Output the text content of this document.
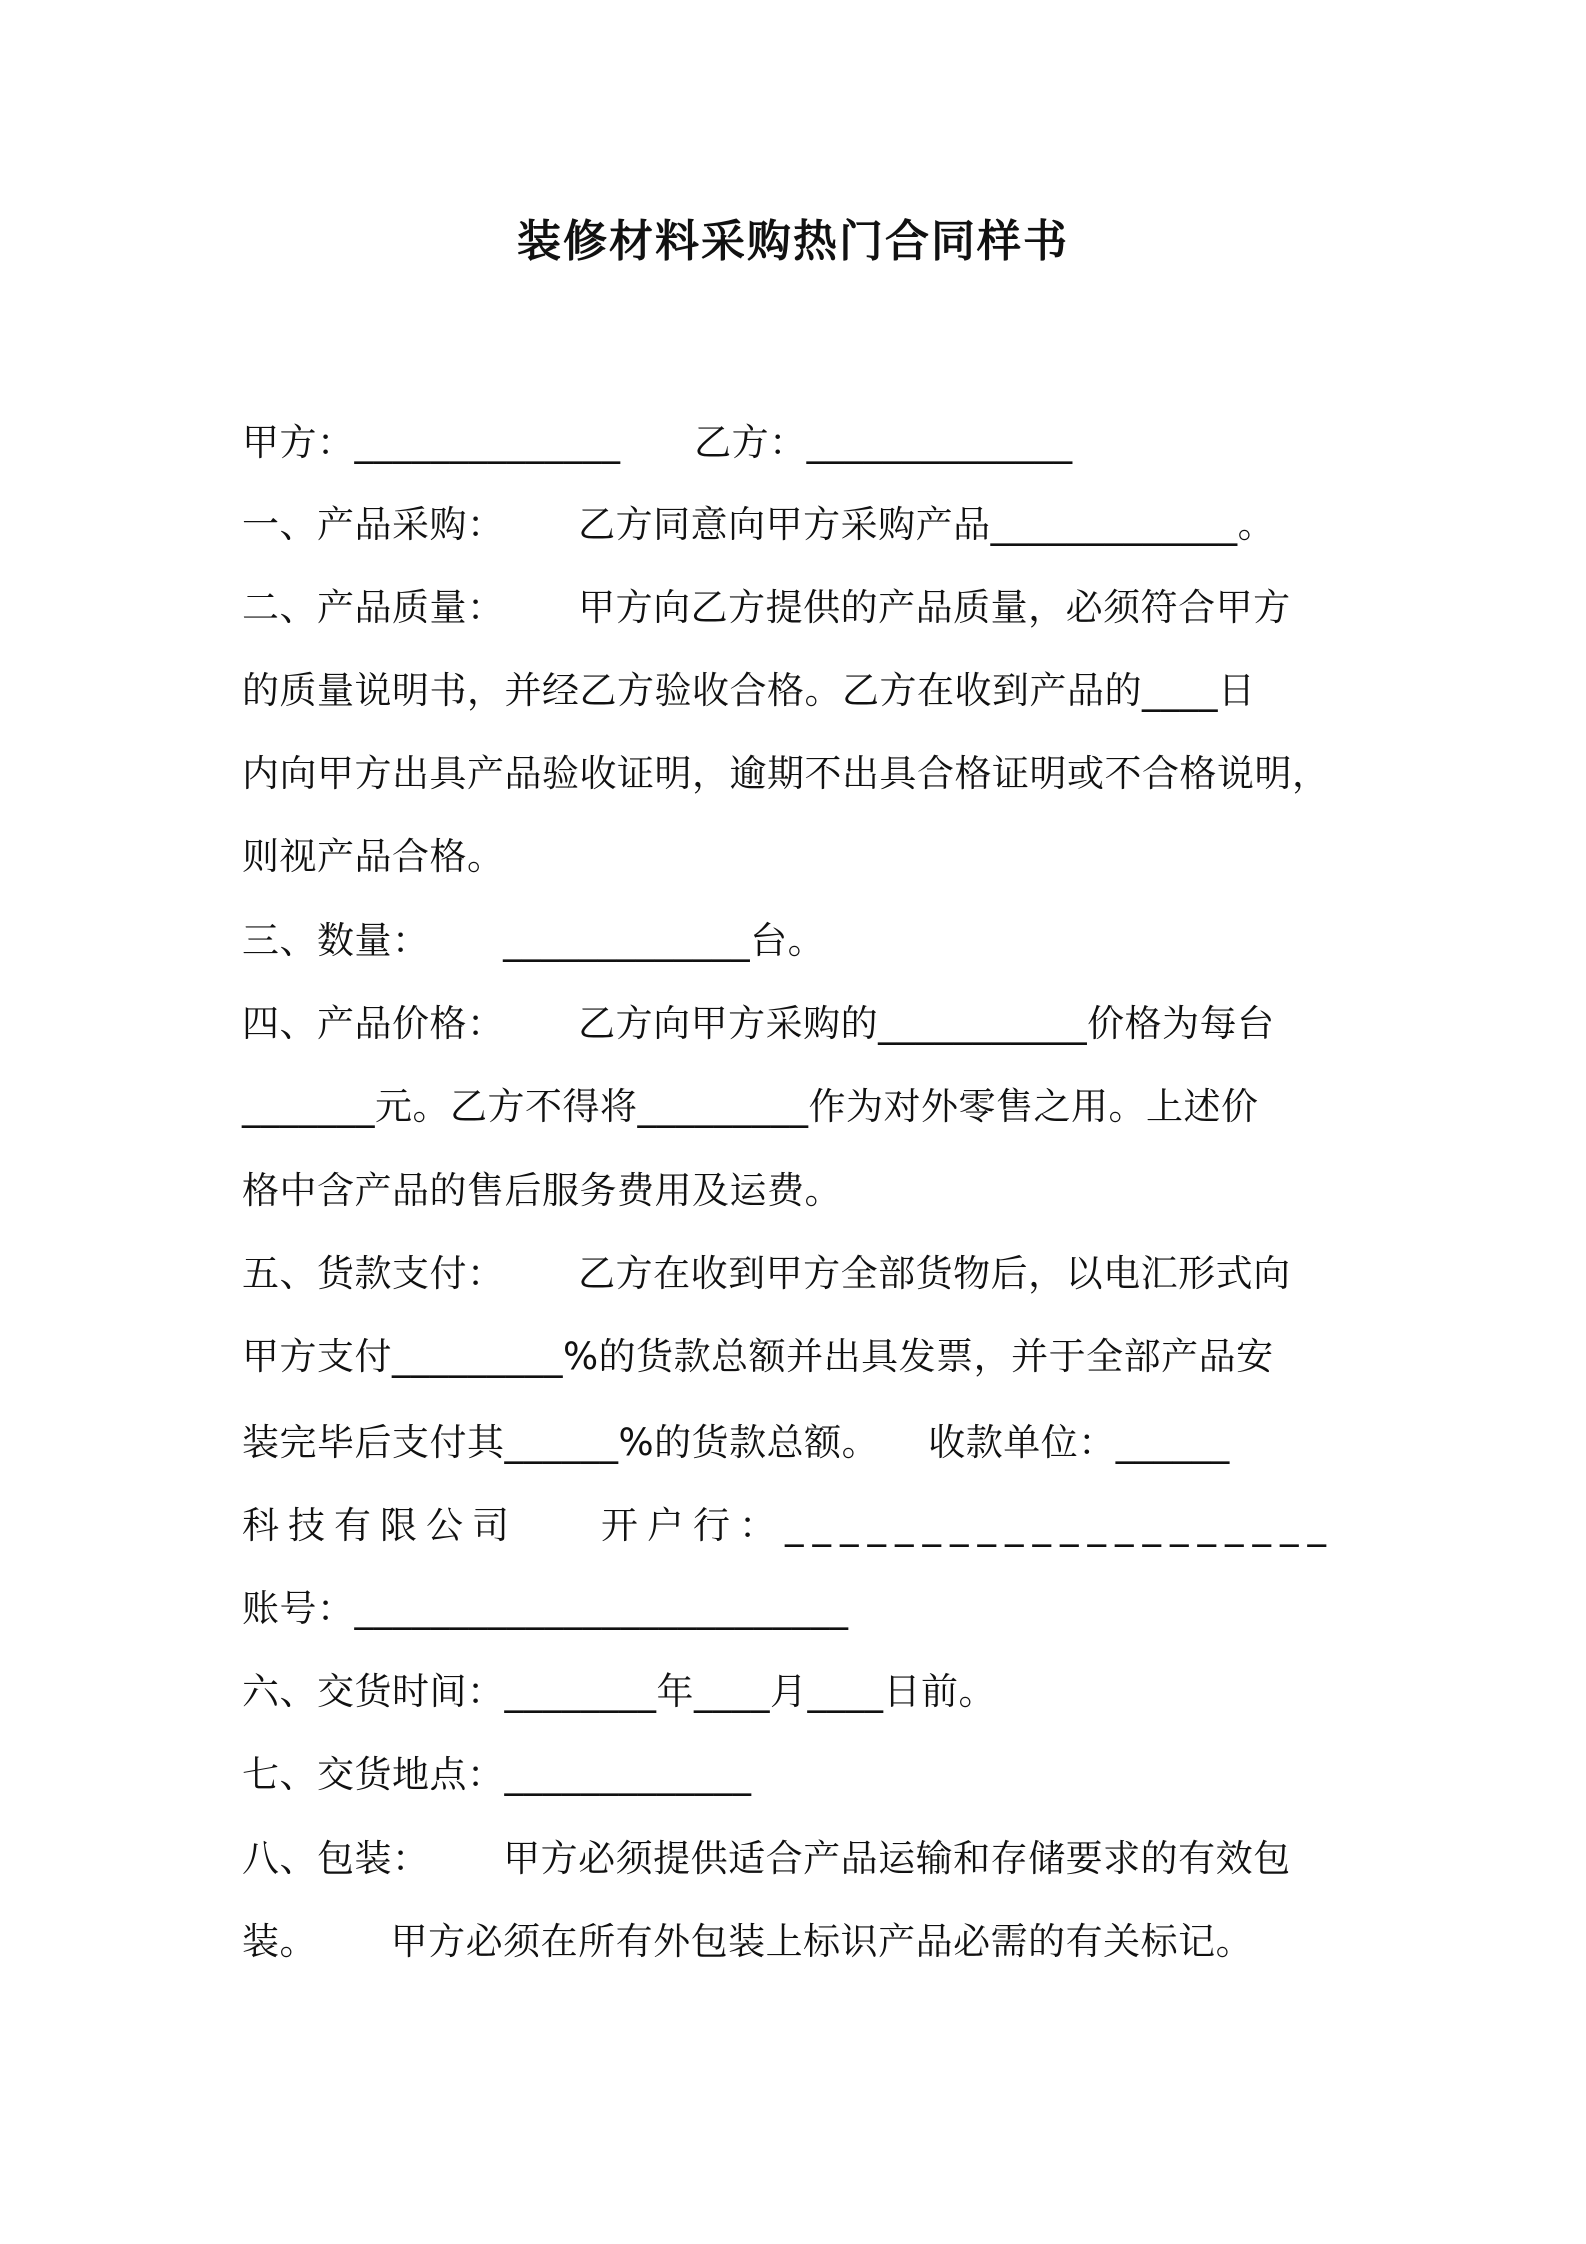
装修材料采购热门合同样书
甲方：______________      乙方：______________
一、产品采购：      乙方同意向甲方采购产品_____________。
二、产品质量：      甲方向乙方提供的产品质量，必须符合甲方
的质量说明书，并经乙方验收合格。乙方在收到产品的____日
内向甲方出具产品验收证明，逾期不出具合格证明或不合格说明，
则视产品合格。
三、数量：      _____________台。
四、产品价格：      乙方向甲方采购的___________价格为每台
_______元。乙方不得将_________作为对外零售之用。上述价
格中含产品的售后服务费用及运费。
五、货款支付：      乙方在收到甲方全部货物后，以电汇形式向
甲方支付_________%的货款总额并出具发票，并于全部产品安
装完毕后支付其______%的货款总额。    收款单位：______
科技有限公司    开户行：____________________
账号：__________________________
六、交货时间：________年____月____日前。
七、交货地点：_____________
八、包装：      甲方必须提供适合产品运输和存储要求的有效包
装。      甲方必须在所有外包装上标识产品必需的有关标记。
